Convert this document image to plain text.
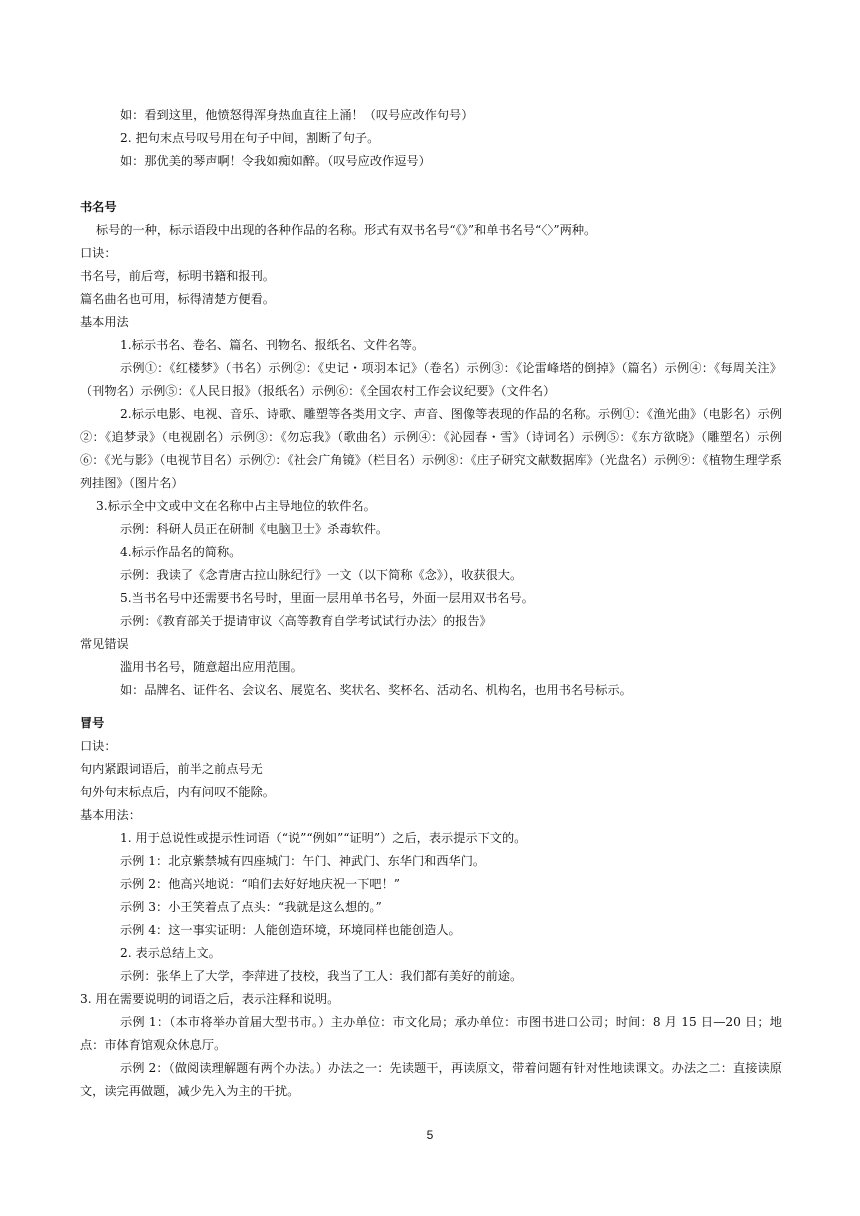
如：看到这里，他愤怒得浑身热血直往上涌！（叹号应改作句号）
2. 把句末点号叹号用在句子中间，割断了句子。
如：那优美的琴声啊！令我如痴如醉。（叹号应改作逗号）
书名号
标号的一种，标示语段中出现的各种作品的名称。形式有双书名号“《》”和单书名号“〈〉”两种。
口诀：
书名号，前后弯，标明书籍和报刊。
篇名曲名也可用，标得清楚方便看。
基本用法
1.标示书名、卷名、篇名、刊物名、报纸名、文件名等。
示例①：《红楼梦》（书名）示例②：《史记・项羽本记》（卷名）示例③：《论雷峰塔的倒掉》（篇名）示例④：《每周关注》（刊物名）示例⑤：《人民日报》（报纸名）示例⑥：《全国农村工作会议纪要》（文件名）
2.标示电影、电视、音乐、诗歌、雕塑等各类用文字、声音、图像等表现的作品的名称。示例①：《渔光曲》（电影名）示例②：《追梦录》（电视剧名）示例③：《勿忘我》（歌曲名）示例④：《沁园春・雪》（诗词名）示例⑤：《东方欲晓》（雕塑名）示例⑥：《光与影》（电视节目名）示例⑦：《社会广角镜》（栏目名）示例⑧：《庄子研究文献数据库》（光盘名）示例⑨：《植物生理学系列挂图》（图片名）
3.标示全中文或中文在名称中占主导地位的软件名。
示例：科研人员正在研制《电脑卫士》杀毒软件。
4.标示作品名的简称。
示例：我读了《念青唐古拉山脉纪行》一文（以下简称《念》），收获很大。
5.当书名号中还需要书名号时，里面一层用单书名号，外面一层用双书名号。
示例：《教育部关于提请审议〈高等教育自学考试试行办法〉的报告》
常见错误
滥用书名号，随意超出应用范围。
如：品牌名、证件名、会议名、展览名、奖状名、奖杯名、活动名、机构名，也用书名号标示。
冒号
口诀：
句内紧跟词语后，前半之前点号无
句外句末标点后，内有问叹不能除。
基本用法：
1. 用于总说性或提示性词语（“说”“例如”“证明”）之后，表示提示下文的。
示例 1：北京紫禁城有四座城门：午门、神武门、东华门和西华门。
示例 2：他高兴地说：“咱们去好好地庆祝一下吧！”
示例 3：小王笑着点了点头：“我就是这么想的。”
示例 4：这一事实证明：人能创造环境，环境同样也能创造人。
2. 表示总结上文。
示例：张华上了大学，李萍进了技校，我当了工人：我们都有美好的前途。
3. 用在需要说明的词语之后，表示注释和说明。
示例 1：（本市将举办首届大型书市。）主办单位：市文化局；承办单位：市图书进口公司；时间：8 月 15 日—20 日；地点：市体育馆观众休息厅。
示例 2：（做阅读理解题有两个办法。）办法之一：先读题干，再读原文，带着问题有针对性地读课文。办法之二：直接读原文，读完再做题，减少先入为主的干扰。
5
